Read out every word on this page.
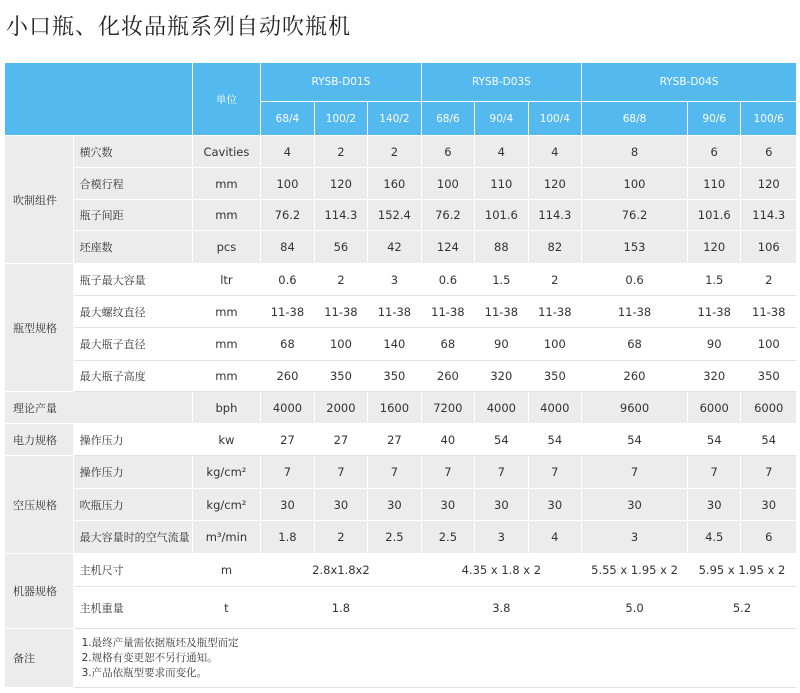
小口瓶、化妆品瓶系列自动吹瓶机
		单位	RYSB-D01S			RYSB-D03S			RYSB-D04S		
			68/4	100/2	140/2	68/6	90/4	100/4	68/8	90/6	100/6
吹制组件	横穴数	Cavities	4	2	2	6	4	4	8	6	6
	合模行程	mm	100	120	160	100	110	120	100	110	120
	瓶子间距	mm	76.2	114.3	152.4	76.2	101.6	114.3	76.2	101.6	114.3
	坯座数	pcs	84	56	42	124	88	82	153	120	106
瓶型规格	瓶子最大容量	ltr	0.6	2	3	0.6	1.5	2	0.6	1.5	2
	最大螺纹直径	mm	11-38	11-38	11-38	11-38	11-38	11-38	11-38	11-38	11-38
	最大瓶子直径	mm	68	100	140	68	90	100	68	90	100
	最大瓶子高度	mm	260	350	350	260	320	350	260	320	350
理论产量		bph	4000	2000	1600	7200	4000	4000	9600	6000	6000
电力规格	操作压力	kw	27	27	27	40	54	54	54	54	54
空压规格	操作压力	kg/cm²	7	7	7	7	7	7	7	7	7
	吹瓶压力	kg/cm²	30	30	30	30	30	30	30	30	30
	最大容量时的空气流量	m³/min	1.8	2	2.5	2.5	3	4	3	4.5	6
机器规格	主机尺寸	m	2.8x1.8x2			4.35 x 1.8 x 2			5.55 x 1.95 x 2	5.95 x 1.95 x 2	
	主机重量	t	1.8			3.8			5.0	5.2	
备注	1.最终产量需依据瓶坯及瓶型而定
2.规格有变更恕不另行通知。
3.产品依瓶型要求而变化。										
